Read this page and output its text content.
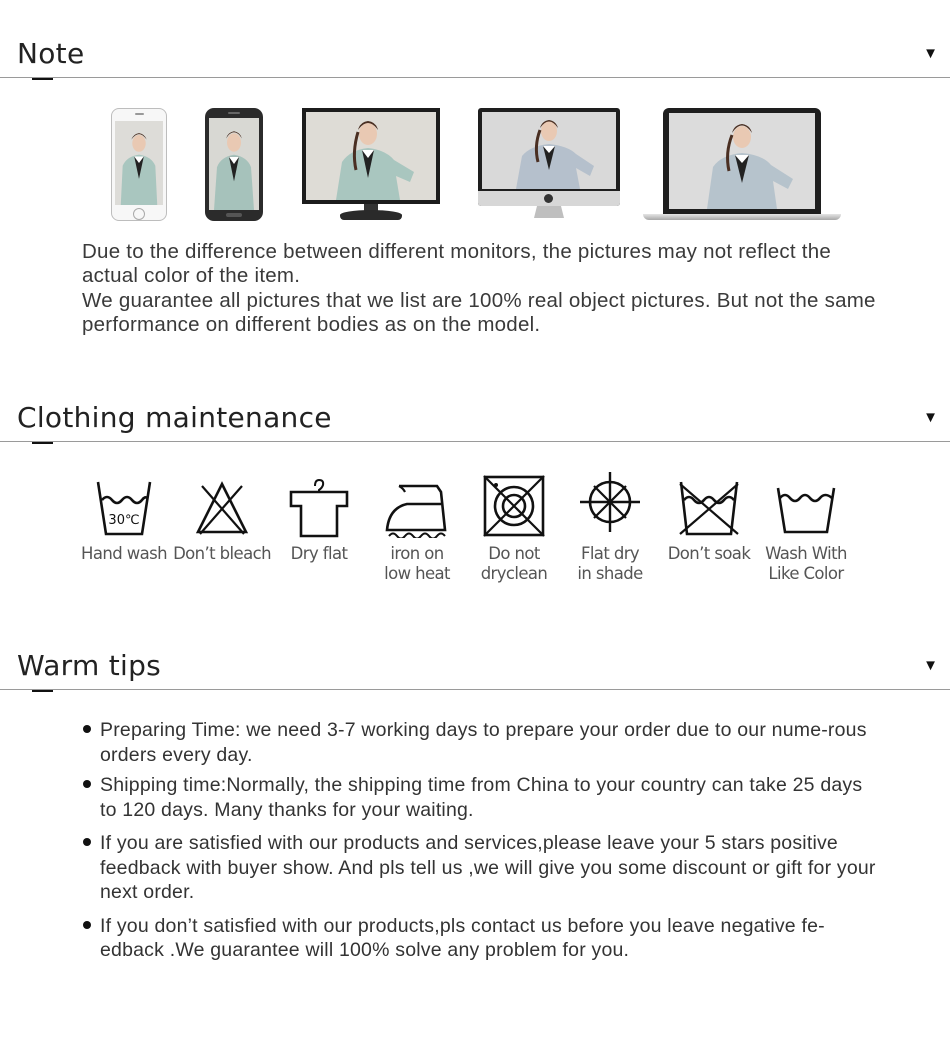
Note	▼

Due to the difference between different monitors, the pictures may not reflect the actual color of the item.

We guarantee all pictures that we list are 100% real object pictures. But not the same performance on different bodies as on the model.

Clothing maintenance	▼
30℃
Hand wash Don’t bleach	Dry flat	iron on
low heat
Do not
dryclean
Flat dry
in shade
Don’t soak Wash With
Like Color
Warm tips	▼
Preparing Time: we need 3-7 working days to prepare your order due to our nume-rous orders every day.
Shipping time:Normally, the shipping time from China to your country can take 25 days to 120 days. Many thanks for your waiting.
If you are satisfied with our products and services,please leave your 5 stars positive feedback with buyer show. And pls tell us ,we will give you some discount or gift for your next order.
If you don’t satisfied with our products,pls contact us before you leave negative fe-edback .We guarantee will 100% solve any problem for you.
